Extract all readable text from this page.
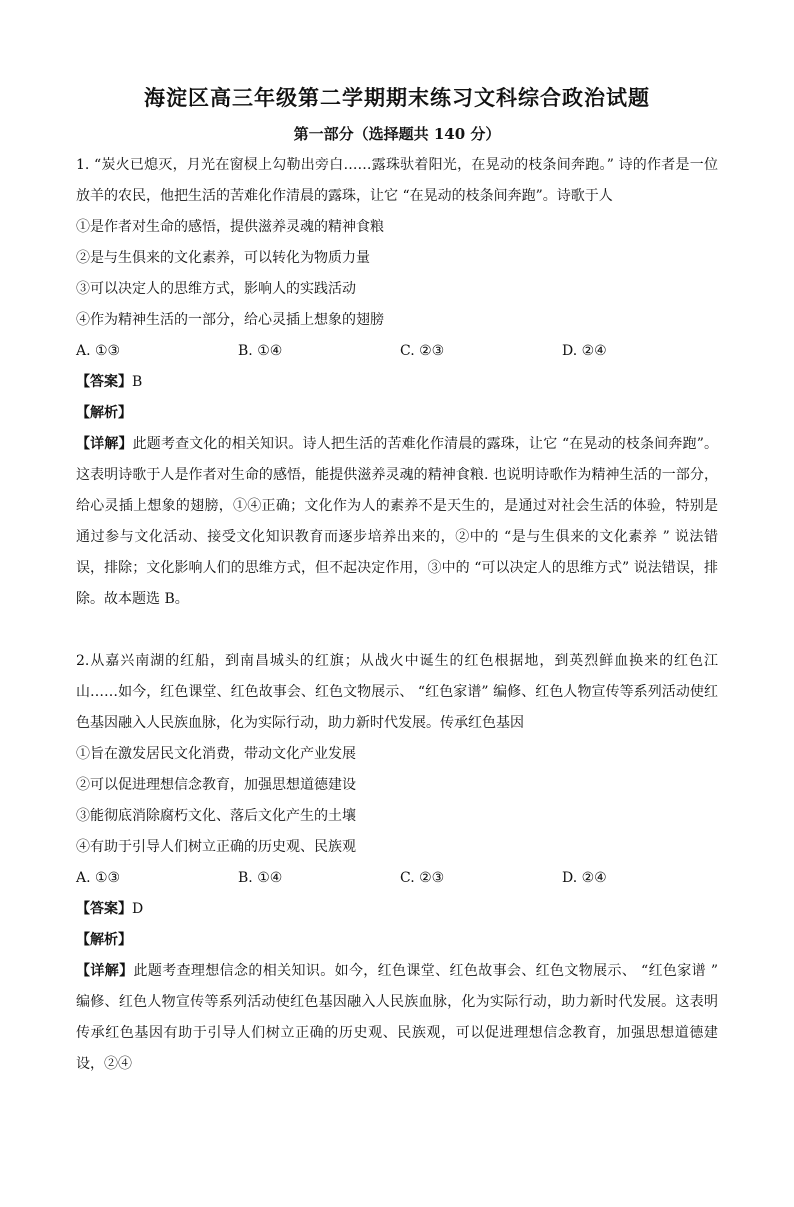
海淀区高三年级第二学期期末练习文科综合政治试题
第一部分（选择题共 140 分）

1. “炭火已熄灭，月光在窗棂上勾勒出旁白……露珠驮着阳光，在晃动的枝条间奔跑。” 诗的作者是一位放羊的农民，他把生活的苦难化作清晨的露珠，让它 “在晃动的枝条间奔跑”。诗歌于人

①是作者对生命的感悟，提供滋养灵魂的精神食粮

②是与生俱来的文化素养，可以转化为物质力量

③可以决定人的思维方式，影响人的实践活动

④作为精神生活的一部分，给心灵插上想象的翅膀

A. ①③	B. ①④	C. ②③	D. ②④

【答案】B

【解析】

【详解】此题考查文化的相关知识。诗人把生活的苦难化作清晨的露珠，让它 “在晃动的枝条间奔跑”。这表明诗歌于人是作者对生命的感悟，能提供滋养灵魂的精神食粮. 也说明诗歌作为精神生活的一部分，给心灵插上想象的翅膀，①④正确；文化作为人的素养不是天生的，是通过对社会生活的体验，特别是通过参与文化活动、接受文化知识教育而逐步培养出来的，②中的 “是与生俱来的文化素养 ” 说法错误，排除；文化影响人们的思维方式，但不起决定作用，③中的 “可以决定人的思维方式” 说法错误，排除。故本题选 B。

2.从嘉兴南湖的红船，到南昌城头的红旗；从战火中诞生的红色根据地，到英烈鲜血换来的红色江山……如今，红色课堂、红色故事会、红色文物展示、 “红色家谱” 编修、红色人物宣传等系列活动使红色基因融入人民族血脉，化为实际行动，助力新时代发展。传承红色基因

①旨在激发居民文化消费，带动文化产业发展

②可以促进理想信念教育，加强思想道德建设

③能彻底消除腐朽文化、落后文化产生的土壤

④有助于引导人们树立正确的历史观、民族观

A. ①③	B. ①④	C. ②③	D. ②④

【答案】D

【解析】

【详解】此题考查理想信念的相关知识。如今，红色课堂、红色故事会、红色文物展示、 “红色家谱 ” 编修、红色人物宣传等系列活动使红色基因融入人民族血脉，化为实际行动，助力新时代发展。这表明传承红色基因有助于引导人们树立正确的历史观、民族观，可以促进理想信念教育，加强思想道德建设，②④
